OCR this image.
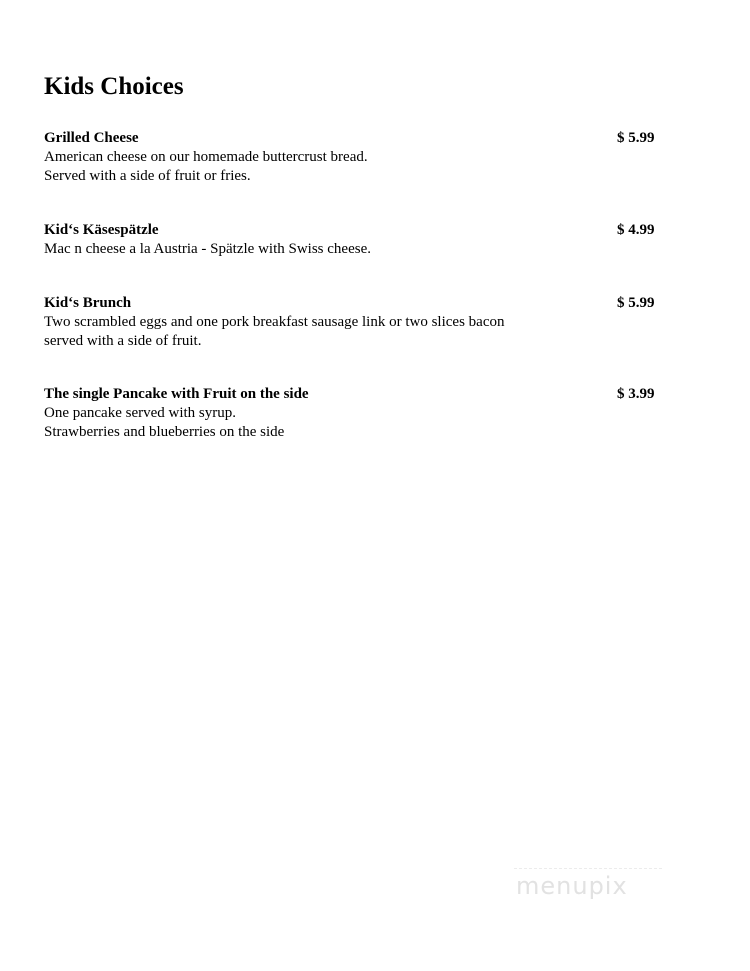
Kids Choices
Grilled Cheese	$ 5.99
American cheese on our homemade buttercrust bread.
Served with a side of fruit or fries.
Kid‘s Käsespätzle	$ 4.99
Mac n cheese a la Austria - Spätzle with Swiss cheese.
Kid‘s Brunch	$ 5.99
Two scrambled eggs and one pork breakfast sausage link or two slices bacon
served with a side of fruit.
The single Pancake with Fruit on the side	$ 3.99
One pancake served with syrup.
Strawberries and blueberries on the side
menupix
